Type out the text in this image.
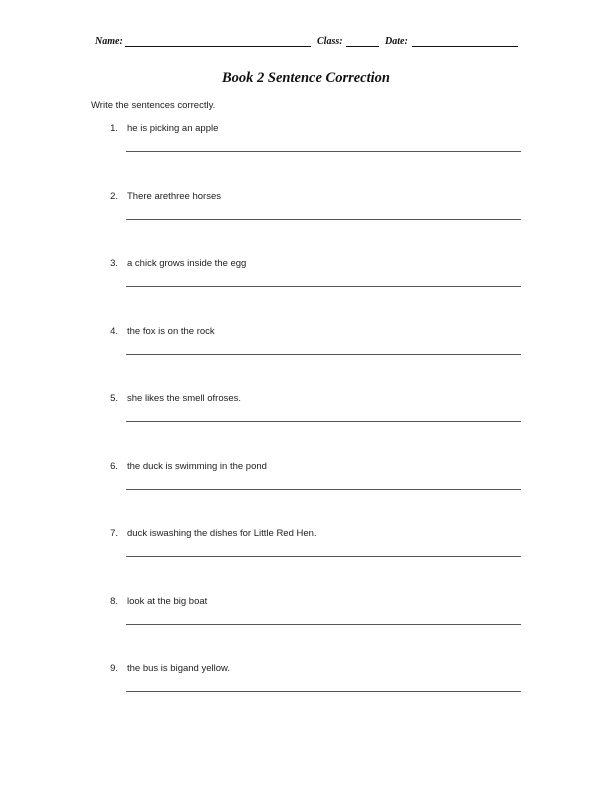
Name:	Class:	Date:
Book 2 Sentence Correction
Write the sentences correctly.
1. he is picking an apple
2. There arethree horses
3. a chick grows inside the egg
4. the fox is on the rock
5. she likes the smell ofroses.
6. the duck is swimming in the pond
7. duck iswashing the dishes for Little Red Hen.
8. look at the big boat
9. the bus is bigand yellow.
